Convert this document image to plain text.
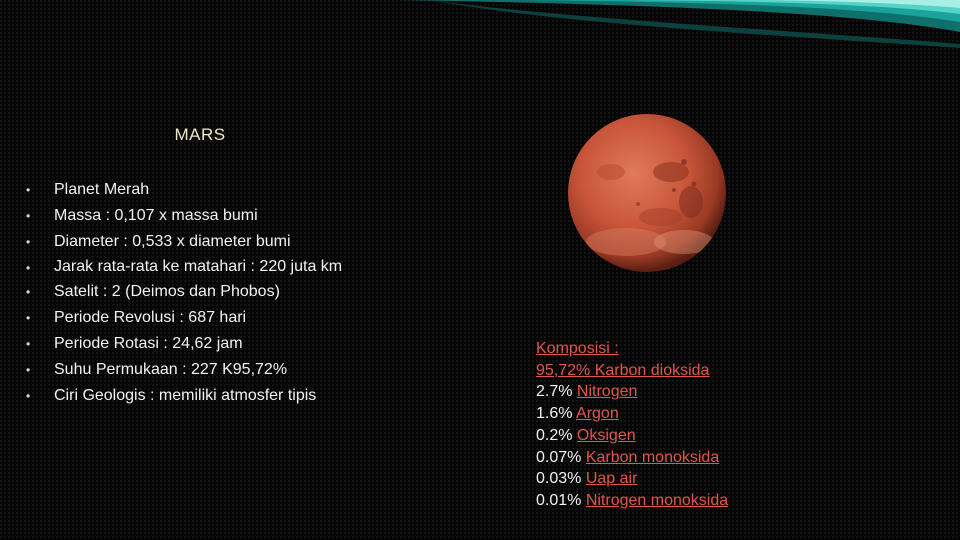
MARS
• Planet Merah
• Massa : 0,107 x massa bumi
• Diameter : 0,533 x diameter bumi
• Jarak rata-rata ke matahari : 220 juta km
• Satelit : 2 (Deimos dan Phobos)
• Periode Revolusi : 687 hari
• Periode Rotasi : 24,62 jam
• Suhu Permukaan : 227 K95,72%
• Ciri Geologis : memiliki atmosfer tipis
Komposisi :
95,72% Karbon dioksida
2.7% Nitrogen
1.6% Argon
0.2% Oksigen
0.07% Karbon monoksida
0.03% Uap air
0.01% Nitrogen monoksida
